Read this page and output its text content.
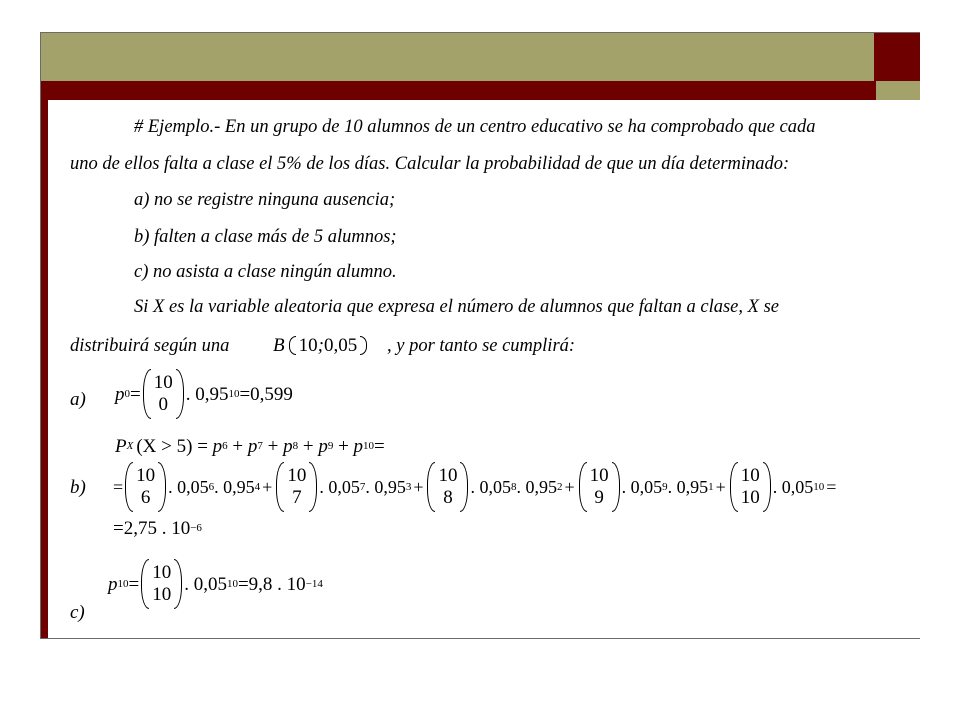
# Ejemplo.- En un grupo de 10 alumnos de un centro educativo se ha comprobado que cada
uno de ellos falta a clase el 5% de los días. Calcular la probabilidad de que un día determinado:
a) no se registre ninguna ausencia;
b) falten a clase más de 5 alumnos;
c) no asista a clase ningún alumno.
Si X es la variable aleatoria que expresa el número de alumnos que faltan a clase, X se
distribuirá según una B 10;0,05 , y por tanto se cumplirá:
a) p 0 =
10
0 . 0,95 10 =0,599
P X (X > 5) = p 6 + p 7 + p 8 + p 9 + p 10 =
b) =
10
6 . 0,05 6 . 0,95 4 +
10
7 . 0,05 7 . 0,95 3 +
10
8 . 0,05 8 . 0,95 2 +
10
9 . 0,05 9 . 0,95 1 +
10
10 . 0,05 10 =
=2,75 . 10 −6
c)
p 10 =
10
10 . 0,05 10 =9,8 . 10 −14
